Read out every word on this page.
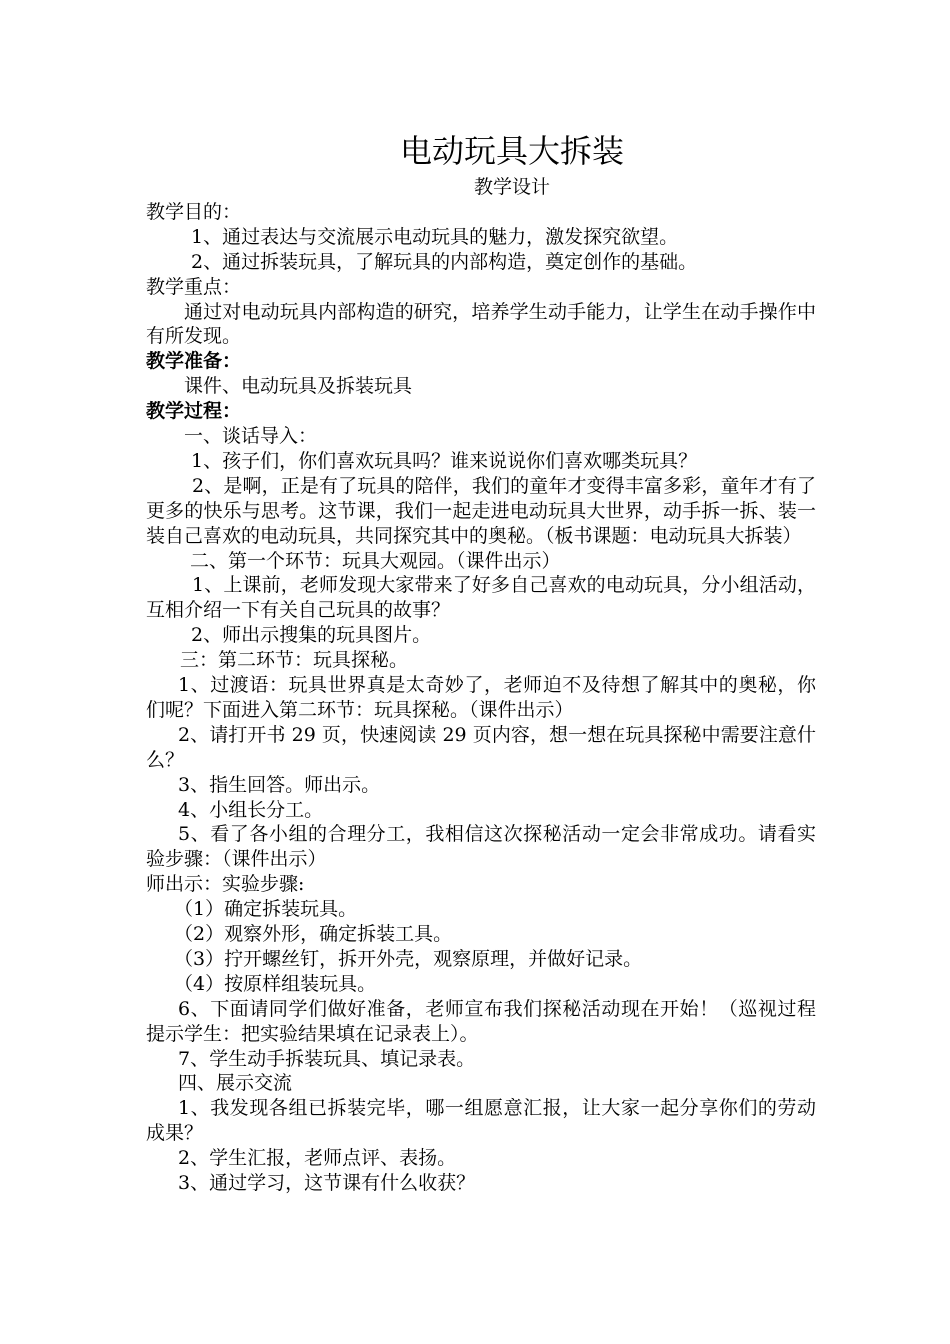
电动玩具大拆装
教学设计
教学目的：
1、通过表达与交流展示电动玩具的魅力，激发探究欲望。
2、通过拆装玩具，了解玩具的内部构造，奠定创作的基础。
教学重点：
通过对电动玩具内部构造的研究，培养学生动手能力，让学生在动手操作中有所发现。
教学准备：
课件、电动玩具及拆装玩具
教学过程：
一、谈话导入：
1、孩子们，你们喜欢玩具吗？谁来说说你们喜欢哪类玩具？
2、是啊，正是有了玩具的陪伴，我们的童年才变得丰富多彩，童年才有了更多的快乐与思考。这节课，我们一起走进电动玩具大世界，动手拆一拆、装一装自己喜欢的电动玩具，共同探究其中的奥秘。（板书课题：电动玩具大拆装）
二、第一个环节：玩具大观园。（课件出示）
1、上课前，老师发现大家带来了好多自己喜欢的电动玩具，分小组活动，互相介绍一下有关自己玩具的故事？
2、师出示搜集的玩具图片。
三：第二环节：玩具探秘。
1、过渡语：玩具世界真是太奇妙了，老师迫不及待想了解其中的奥秘，你们呢？下面进入第二环节：玩具探秘。（课件出示）
2、请打开书 29 页，快速阅读 29 页内容，想一想在玩具探秘中需要注意什么？
3、指生回答。师出示。
4、小组长分工。
5、看了各小组的合理分工，我相信这次探秘活动一定会非常成功。请看实验步骤：（课件出示）
师出示：实验步骤:
（1）确定拆装玩具。
（2）观察外形，确定拆装工具。
（3）拧开螺丝钉，拆开外壳，观察原理，并做好记录。
（4）按原样组装玩具。
6、下面请同学们做好准备，老师宣布我们探秘活动现在开始！（巡视过程提示学生：把实验结果填在记录表上）。
7、学生动手拆装玩具、填记录表。
四、展示交流
1、我发现各组已拆装完毕，哪一组愿意汇报，让大家一起分享你们的劳动成果？
2、学生汇报，老师点评、表扬。
3、通过学习，这节课有什么收获？
